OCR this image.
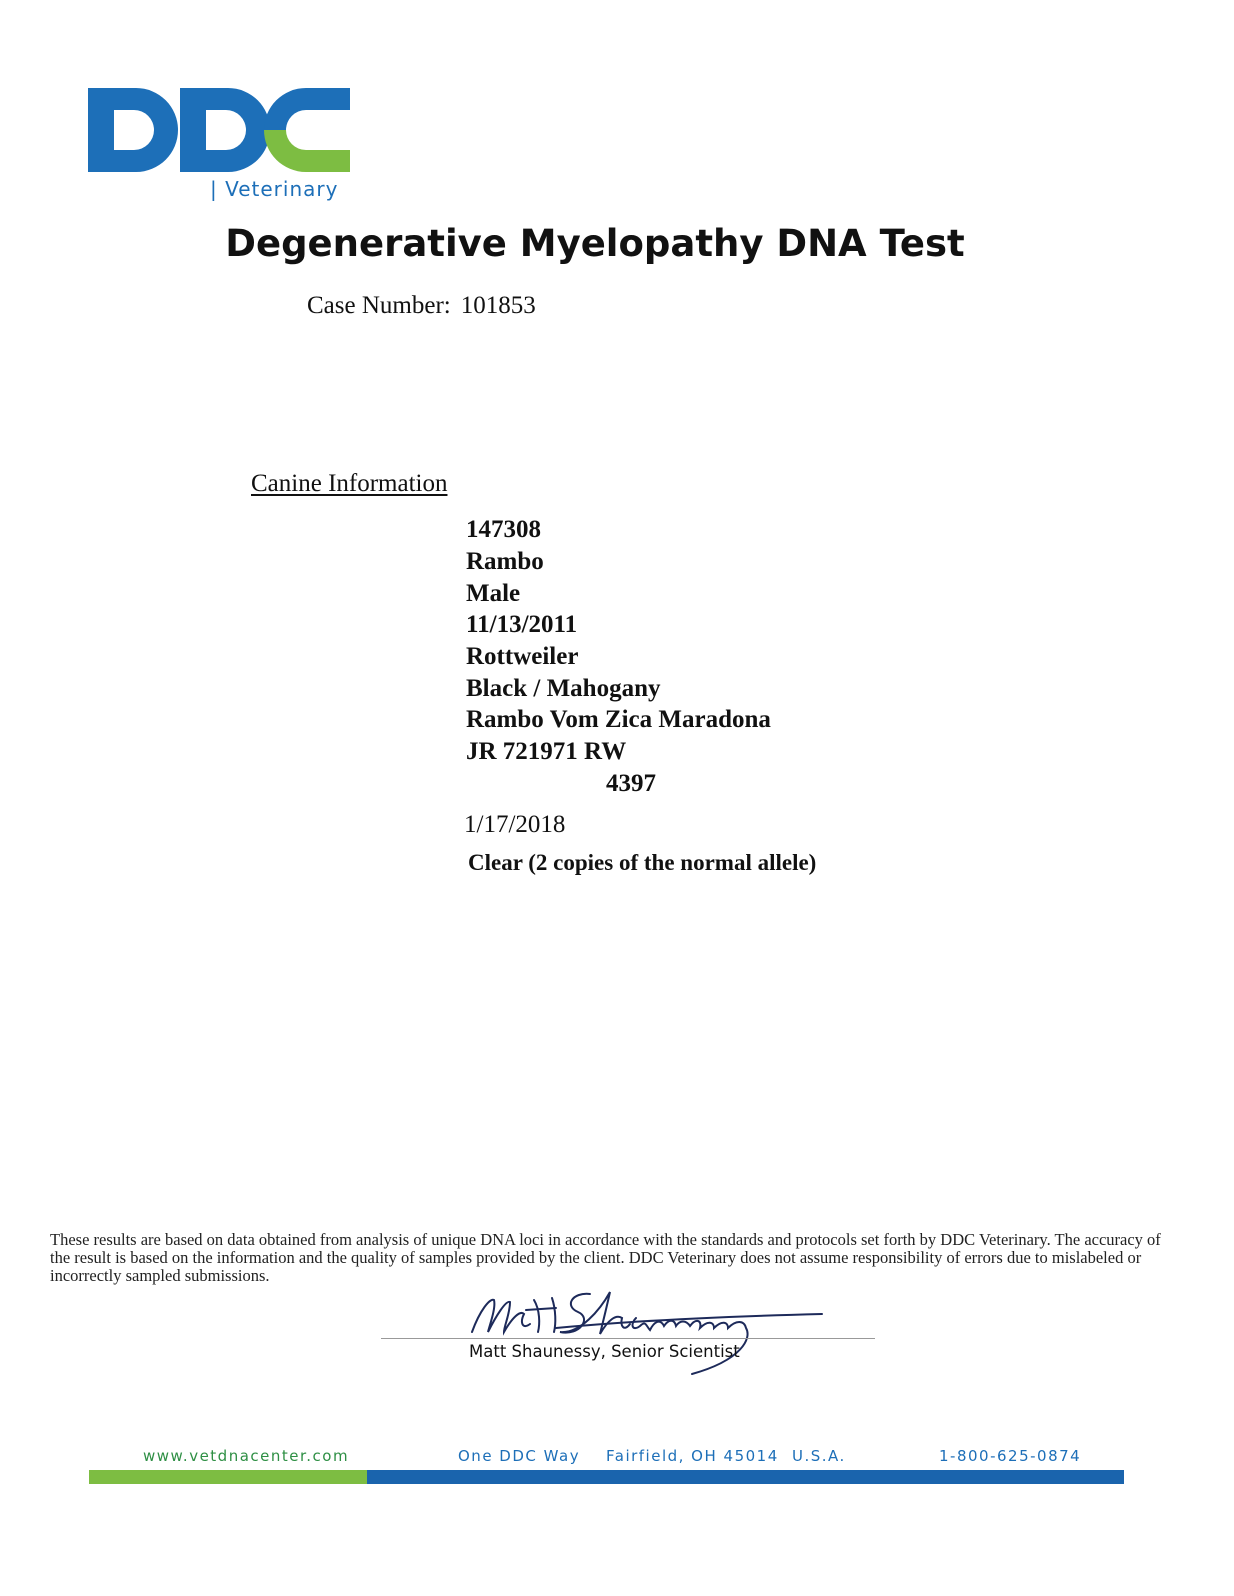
| Veterinary
Degenerative Myelopathy DNA Test
Case Number: 101853
Canine Information
147308
Rambo
Male
11/13/2011
Rottweiler
Black / Mahogany
Rambo Vom Zica Maradona
JR 721971 RW
4397
1/17/2018
Clear (2 copies of the normal allele)
These results are based on data obtained from analysis of unique DNA loci in accordance with the standards and protocols set forth by DDC Veterinary. The accuracy of the result is based on the information and the quality of samples provided by the client. DDC Veterinary does not assume responsibility of errors due to mislabeled or incorrectly sampled submissions.
Matt Shaunessy, Senior Scientist
www.vetdnacenter.com	One DDC Way Fairfield, OH 45014 U.S.A.	1-800-625-0874
